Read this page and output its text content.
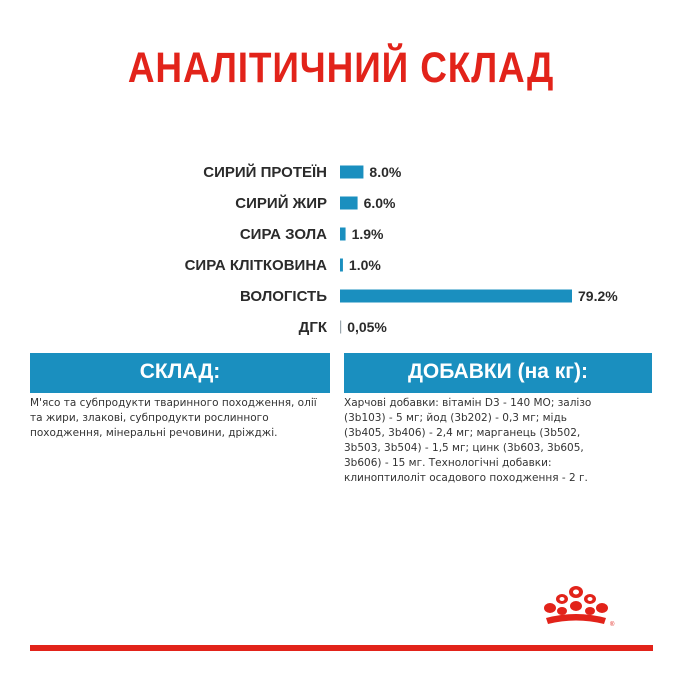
АНАЛІТИЧНИЙ СКЛАД
СИРИЙ ПРОТЕЇН	8.0%
СИРИЙ ЖИР	6.0%
СИРА ЗОЛА 1.9%
СИРА КЛІТКОВИНА 1.0%
ВОЛОГІСТЬ	79.2%
ДГК 0,05%
СКЛАД:
М'ясо та субпродукти тваринного походження, олії та жири, злакові, субпродукти рослинного походження, мінеральні речовини, дріжджі.
ДОБАВКИ (на кг):
Харчові добавки: вітамін D3 - 140 МО; залізо (3b103) - 5 мг; йод (3b202) - 0,3 мг; мідь (3b405, 3b406) - 2,4 мг; марганець (3b502, 3b503, 3b504) - 1,5 мг; цинк (3b603, 3b605, 3b606) - 15 мг. Технологічні добавки: клиноптилоліт осадового походження - 2 г.
®
